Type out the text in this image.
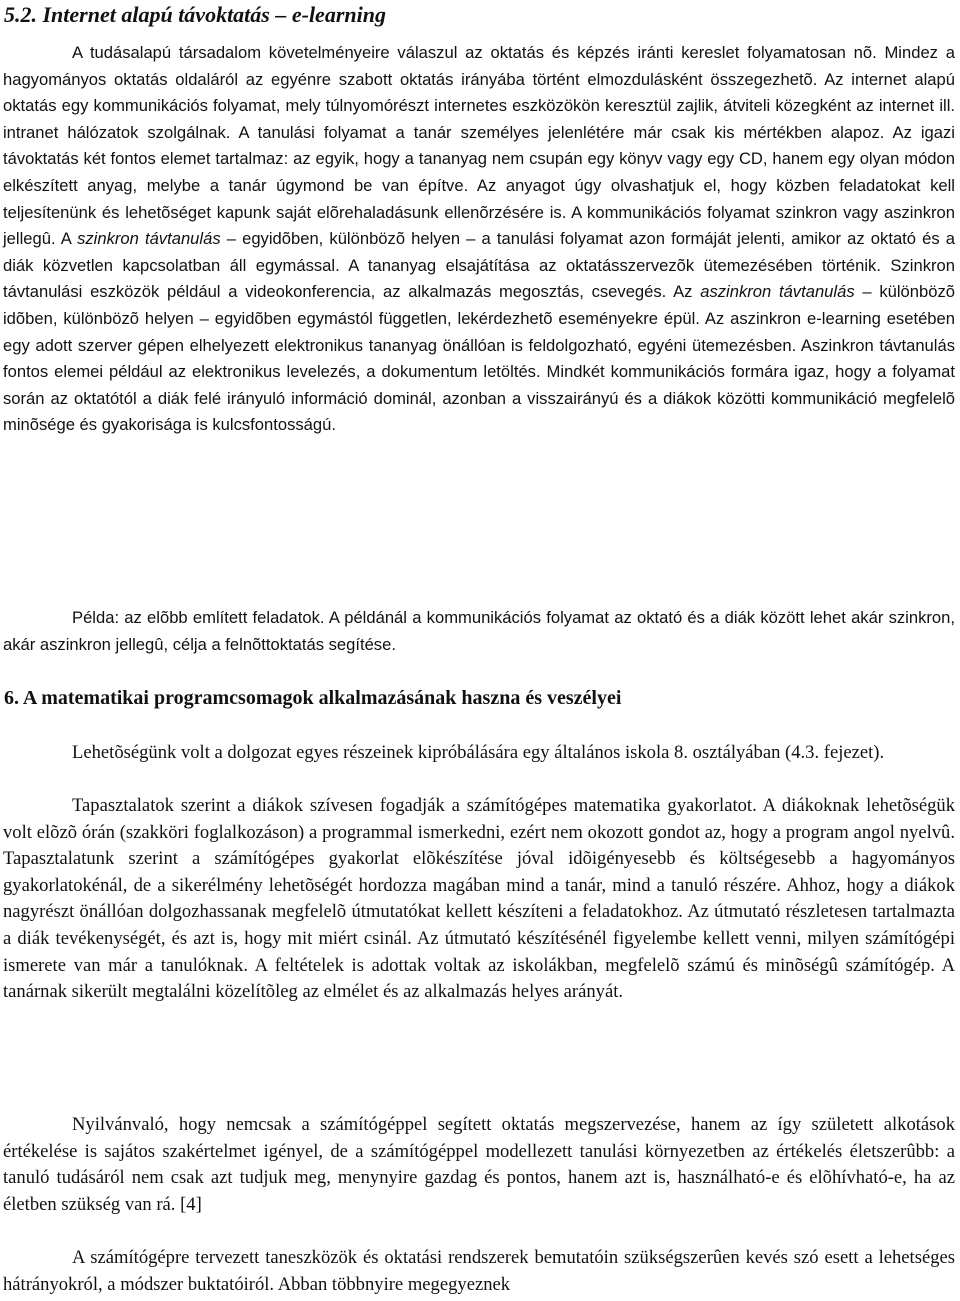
5.2. Internet alapú távoktatás – e-learning

A tudásalapú társadalom követelményeire válaszul az oktatás és képzés iránti kereslet folyamatosan nõ. Mindez a hagyományos oktatás oldaláról az egyénre szabott oktatás irányába történt elmozdulásként összegezhetõ. Az internet alapú oktatás egy kommunikációs folyamat, mely túlnyomórészt internetes eszközökön keresztül zajlik, átviteli közegként az internet ill. intranet hálózatok szolgálnak. A tanulási folyamat a tanár személyes jelenlétére már csak kis mértékben alapoz. Az igazi távoktatás két fontos elemet tartalmaz: az egyik, hogy a tananyag nem csupán egy könyv vagy egy CD, hanem egy olyan módon elkészített anyag, melybe a tanár úgymond be van építve. Az anyagot úgy olvashatjuk el, hogy közben feladatokat kell teljesítenünk és lehetõséget kapunk saját elõrehaladásunk ellenõrzésére is. A kommunikációs folyamat szinkron vagy aszinkron jellegû. A szinkron távtanulás – egyidõben, különbözõ helyen – a tanulási folyamat azon formáját jelenti, amikor az oktató és a diák közvetlen kapcsolatban áll egymással. A tananyag elsajátítása az oktatásszervezõk ütemezésében történik. Szinkron távtanulási eszközök például a videokonferencia, az alkalmazás megosztás, csevegés. Az aszinkron távtanulás – különbözõ idõben, különbözõ helyen – egyidõben egymástól független, lekérdezhetõ eseményekre épül. Az aszinkron e-learning esetében egy adott szerver gépen elhelyezett elektronikus tananyag önállóan is feldolgozható, egyéni ütemezésben. Aszinkron távtanulás fontos elemei például az elektronikus levelezés, a dokumentum letöltés. Mindkét kommunikációs formára igaz, hogy a folyamat során az oktatótól a diák felé irányuló információ dominál, azonban a visszairányú és a diákok közötti kommunikáció megfelelõ minõsége és gyakorisága is kulcsfontosságú.

Példa: az elõbb említett feladatok. A példánál a kommunikációs folyamat az oktató és a diák között lehet akár szinkron, akár aszinkron jellegû, célja a felnõttoktatás segítése.

6. A matematikai programcsomagok alkalmazásának haszna és veszélyei

Lehetõségünk volt a dolgozat egyes részeinek kipróbálására egy általános iskola 8. osztályában (4.3. fejezet).

Tapasztalatok szerint a diákok szívesen fogadják a számítógépes matematika gyakorlatot. A diákoknak lehetõségük volt elõzõ órán (szakköri foglalkozáson) a programmal ismerkedni, ezért nem okozott gondot az, hogy a program angol nyelvû. Tapasztalatunk szerint a számítógépes gyakorlat elõkészítése jóval idõigényesebb és költségesebb a hagyományos gyakorlatokénál, de a sikerélmény lehetõségét hordozza magában mind a tanár, mind a tanuló részére. Ahhoz, hogy a diákok nagyrészt önállóan dolgozhassanak megfelelõ útmutatókat kellett készíteni a feladatokhoz. Az útmutató részletesen tartalmazta a diák tevékenységét, és azt is, hogy mit miért csinál. Az útmutató készítésénél figyelembe kellett venni, milyen számítógépi ismerete van már a tanulóknak. A feltételek is adottak voltak az iskolákban, megfelelõ számú és minõségû számítógép. A tanárnak sikerült megtalálni közelítõleg az elmélet és az alkalmazás helyes arányát.

Nyilvánvaló, hogy nemcsak a számítógéppel segített oktatás megszervezése, hanem az így született alkotások értékelése is sajátos szakértelmet igényel, de a számítógéppel modellezett tanulási környezetben az értékelés életszerûbb: a tanuló tudásáról nem csak azt tudjuk meg, menynyire gazdag és pontos, hanem azt is, használható-e és elõhívható-e, ha az életben szükség van rá. [4]

A számítógépre tervezett taneszközök és oktatási rendszerek bemutatóin szükségszerûen kevés szó esett a lehetséges hátrányokról, a módszer buktatóiról. Abban többnyire megegyeznek
